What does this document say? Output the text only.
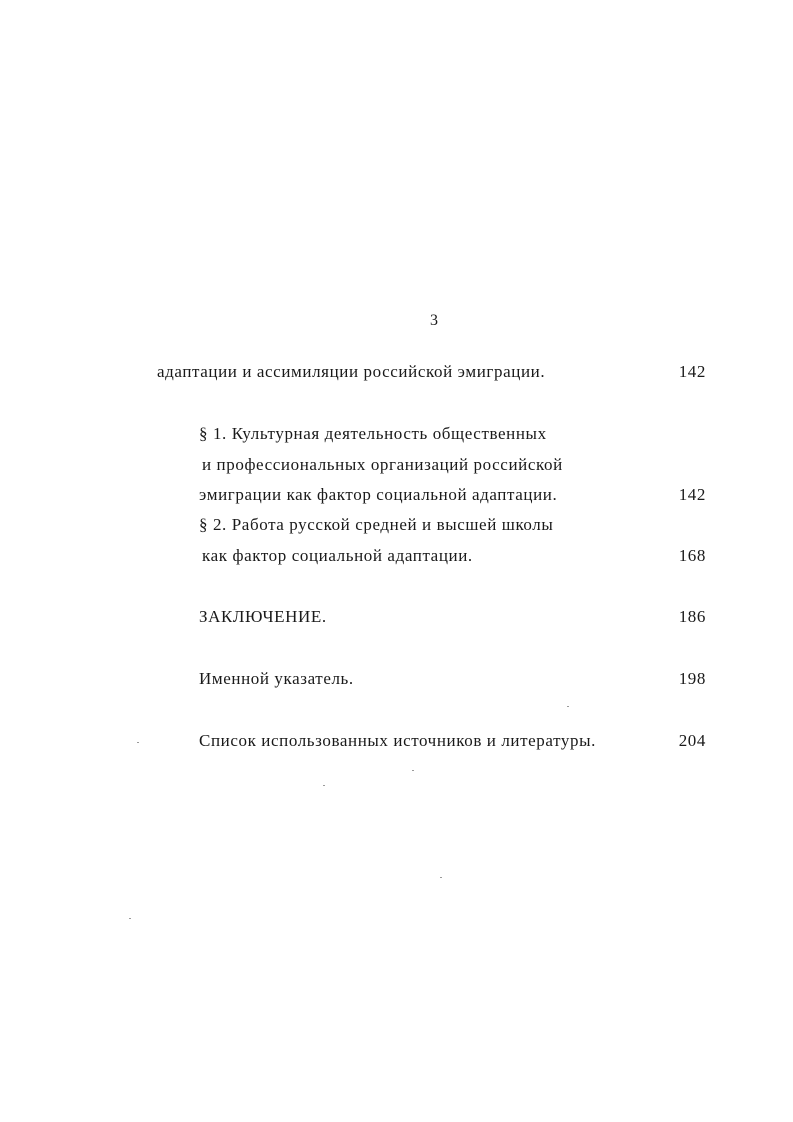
3
адаптации и ассимиляции российской эмиграции.	142
§ 1. Культурная деятельность общественных
и профессиональных организаций российской
эмиграции как фактор социальной адаптации.	142
§ 2. Работа русской средней и высшей школы
как фактор социальной адаптации.	168
ЗАКЛЮЧЕНИЕ.	186
Именной указатель.	198
Список использованных источников и литературы.	204
